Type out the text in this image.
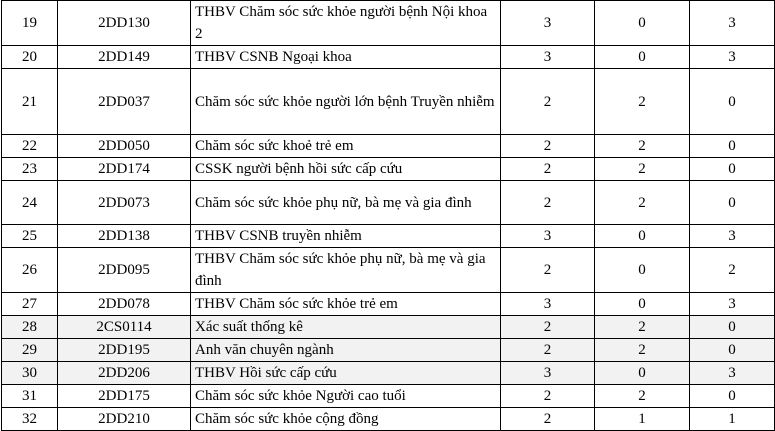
19	2DD130	THBV Chăm sóc sức khỏe người bệnh Nội khoa 2	3	0	3
20	2DD149	THBV CSNB Ngoại khoa	3	0	3
21	2DD037	Chăm sóc sức khỏe người lớn bệnh Truyền nhiễm	2	2	0
22	2DD050	Chăm sóc sức khoẻ trẻ em	2	2	0
23	2DD174	CSSK người bệnh hồi sức cấp cứu	2	2	0
24	2DD073	Chăm sóc sức khỏe phụ nữ, bà mẹ và gia đình	2	2	0
25	2DD138	THBV CSNB truyền nhiễm	3	0	3
26	2DD095	THBV Chăm sóc sức khỏe phụ nữ, bà mẹ và gia đình	2	0	2
27	2DD078	THBV Chăm sóc sức khỏe trẻ em	3	0	3
28	2CS0114	Xác suất thống kê	2	2	0
29	2DD195	Anh văn chuyên ngành	2	2	0
30	2DD206	THBV Hồi sức cấp cứu	3	0	3
31	2DD175	Chăm sóc sức khỏe Người cao tuổi	2	2	0
32	2DD210	Chăm sóc sức khỏe cộng đồng	2	1	1
